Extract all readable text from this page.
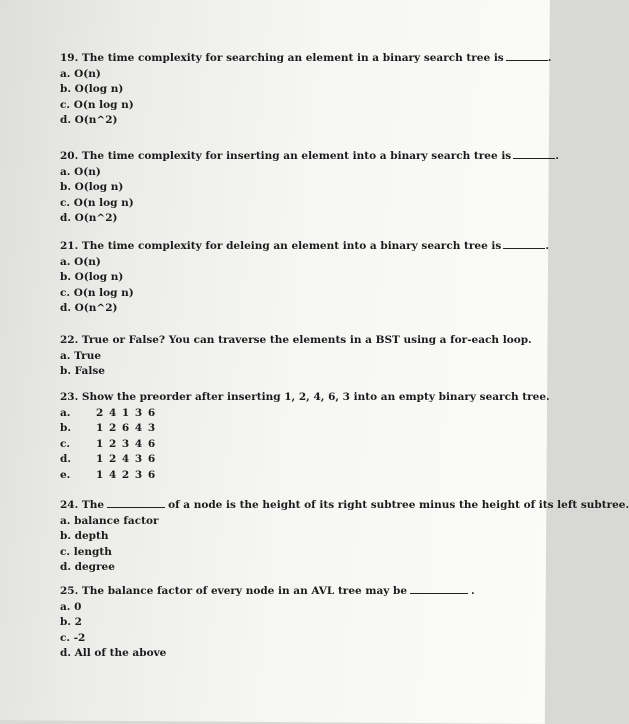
19. The time complexity for searching an element in a binary search tree is	.
a. O(n)
b. O(log n)
c. O(n log n)
d. O(n^2)
20. The time complexity for inserting an element into a binary search tree is	.
a. O(n)
b. O(log n)
c. O(n log n)
d. O(n^2)
21. The time complexity for deleing an element into a binary search tree is	.
a. O(n)
b. O(log n)
c. O(n log n)
d. O(n^2)
22. True or False? You can traverse the elements in a BST using a for-each loop.
a. True
b. False
23. Show the preorder after inserting 1, 2, 4, 6, 3 into an empty binary search tree.
a. 2 4 1 3 6
b. 1 2 6 4 3
c. 1 2 3 4 6
d. 1 2 4 3 6
e. 1 4 2 3 6
24. The	of a node is the height of its right subtree minus the height of its left subtree.
a. balance factor
b. depth
c. length
d. degree
25. The balance factor of every node in an AVL tree may be	.
a. 0
b. 2
c. -2
d. All of the above
